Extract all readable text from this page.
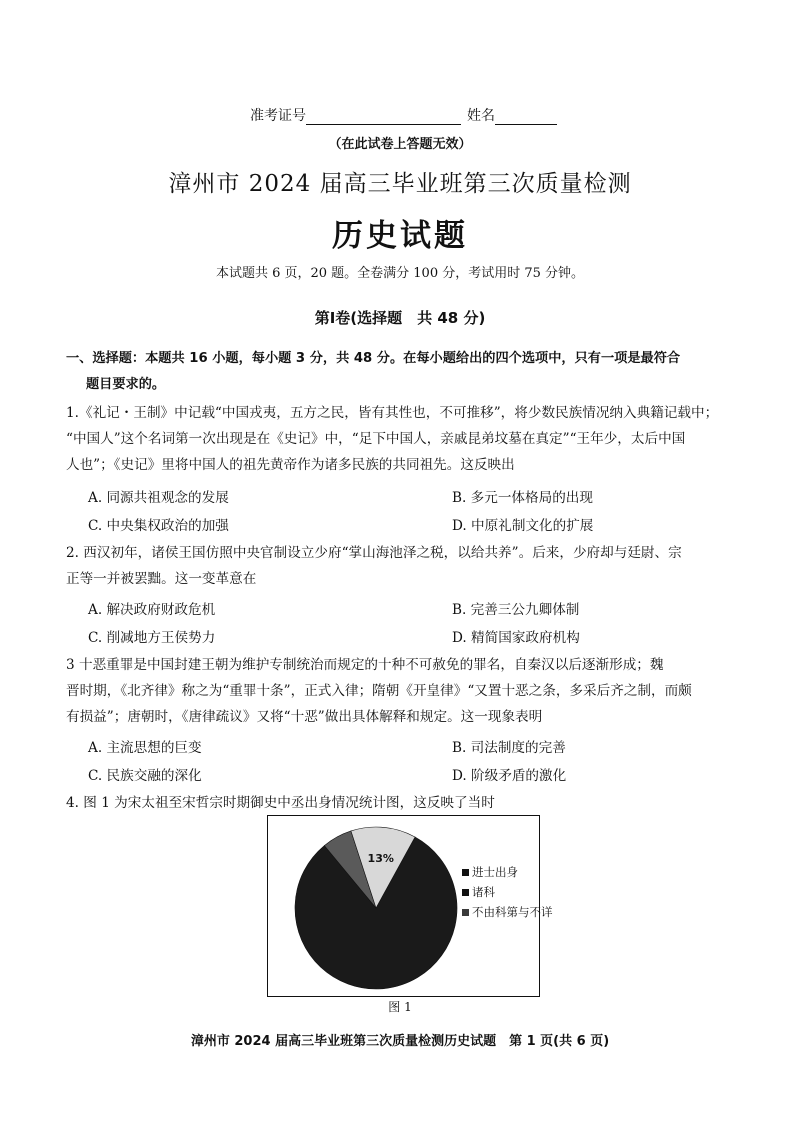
准考证号	姓名
（在此试卷上答题无效）
漳州市 2024 届高三毕业班第三次质量检测
历史试题
本试题共 6 页，20 题。全卷满分 100 分，考试用时 75 分钟。
第Ⅰ卷(选择题　共 48 分)
一、选择题：本题共 16 小题，每小题 3 分，共 48 分。在每小题给出的四个选项中，只有一项是最符合
题目要求的。
1.《礼记・王制》中记载“中国戎夷，五方之民，皆有其性也，不可推移”，将少数民族情况纳入典籍记载中；
“中国人”这个名词第一次出现是在《史记》中，“足下中国人，亲戚昆弟坟墓在真定”“王年少，太后中国
人也”；《史记》里将中国人的祖先黄帝作为诸多民族的共同祖先。这反映出
A. 同源共祖观念的发展	B. 多元一体格局的出现
C. 中央集权政治的加强	D. 中原礼制文化的扩展
2. 西汉初年，诸侯王国仿照中央官制设立少府“掌山海池泽之税，以给共养”。后来，少府却与廷尉、宗
正等一并被罢黜。这一变革意在
A. 解决政府财政危机	B. 完善三公九卿体制
C. 削减地方王侯势力	D. 精简国家政府机构
3 十恶重罪是中国封建王朝为维护专制统治而规定的十种不可赦免的罪名，自秦汉以后逐渐形成；魏
晋时期，《北齐律》称之为“重罪十条”，正式入律；隋朝《开皇律》“又置十恶之条，多采后齐之制，而颇
有损益”；唐朝时，《唐律疏议》又将“十恶”做出具体解释和规定。这一现象表明
A. 主流思想的巨变	B. 司法制度的完善
C. 民族交融的深化	D. 阶级矛盾的激化
4. 图 1 为宋太祖至宋哲宗时期御史中丞出身情况统计图，这反映了当时
13%
进士出身
诸科
不由科第与不详
图 1
漳州市 2024 届高三毕业班第三次质量检测历史试题　第 1 页(共 6 页)
